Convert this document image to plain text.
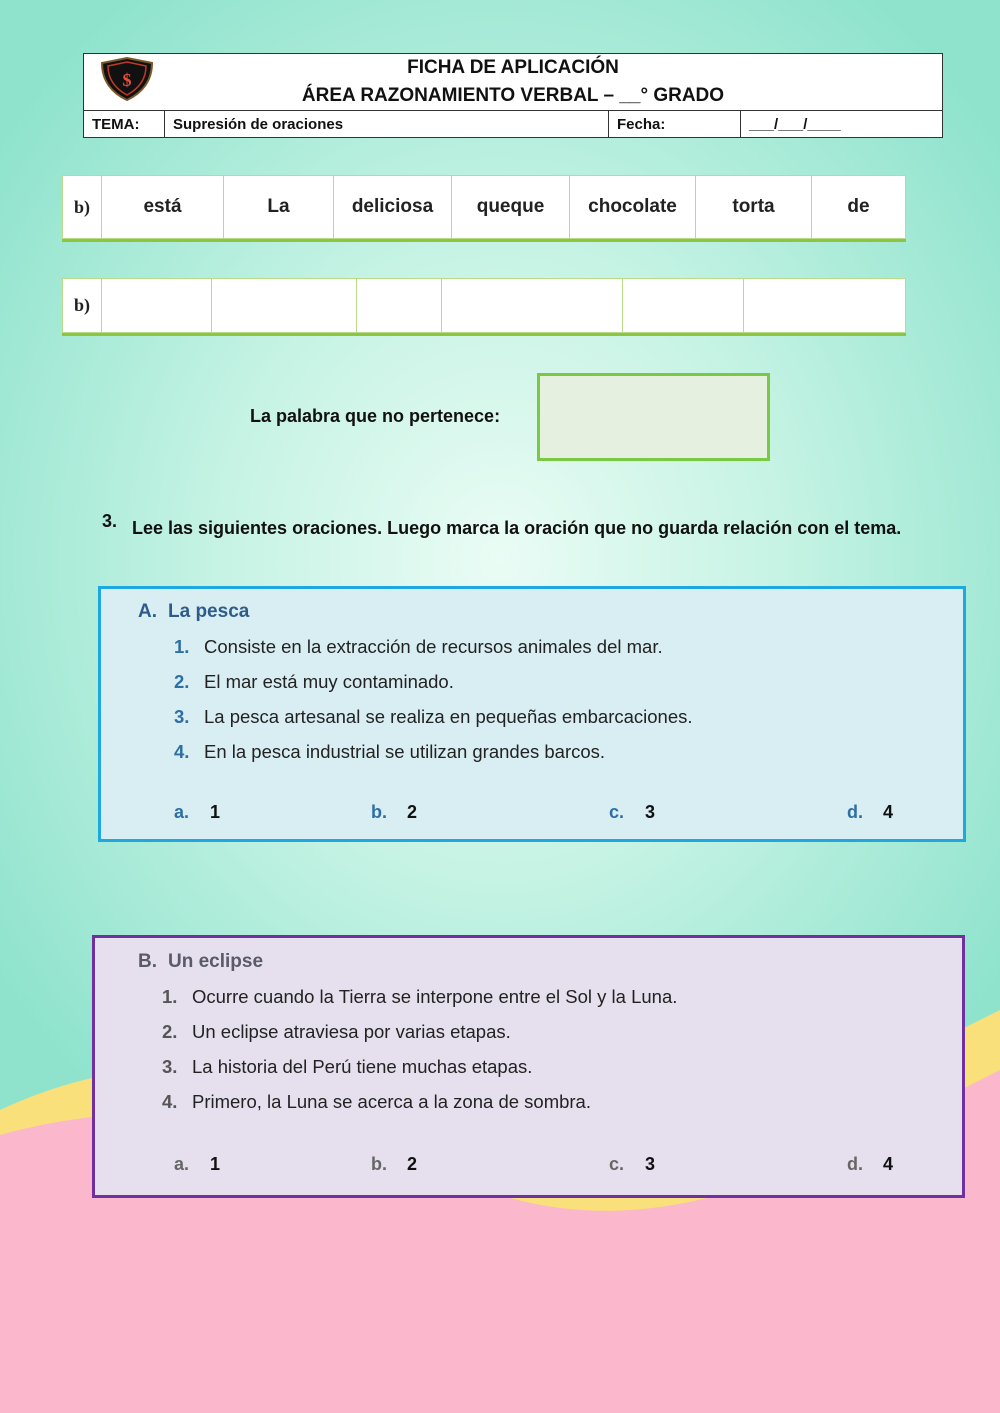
$
FICHA DE APLICACIÓN
ÁREA RAZONAMIENTO VERBAL – __° GRADO

TEMA:	Supresión de oraciones	Fecha:	___/___/____
b)	está	La	deliciosa	queque	chocolate	torta	de
b)						
La palabra que no pertenece:
3. Lee las siguientes oraciones. Luego marca la oración que no guarda relación con el tema.
A. La pesca
1. Consiste en la extracción de recursos animales del mar.
2. El mar está muy contaminado.
3. La pesca artesanal se realiza en pequeñas embarcaciones.
4. En la pesca industrial se utilizan grandes barcos.
a. 1	b. 2	c. 3	d. 4
B. Un eclipse
1. Ocurre cuando la Tierra se interpone entre el Sol y la Luna.
2. Un eclipse atraviesa por varias etapas.
3. La historia del Perú tiene muchas etapas.
4. Primero, la Luna se acerca a la zona de sombra.
a. 1	b. 2	c. 3	d. 4
